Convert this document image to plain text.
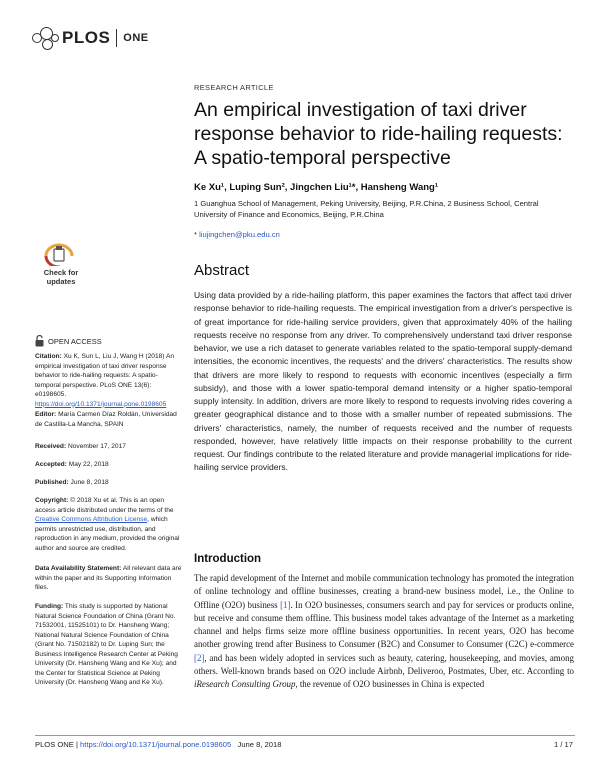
PLOS ONE
RESEARCH ARTICLE
An empirical investigation of taxi driver response behavior to ride-hailing requests: A spatio-temporal perspective
Ke Xu¹, Luping Sun², Jingchen Liu¹*, Hansheng Wang¹
1 Guanghua School of Management, Peking University, Beijing, P.R.China, 2 Business School, Central University of Finance and Economics, Beijing, P.R.China
* liujingchen@pku.edu.cn
Check for updates
OPEN ACCESS
Citation: Xu K, Sun L, Liu J, Wang H (2018) An empirical investigation of taxi driver response behavior to ride-hailing requests: A spatio-temporal perspective. PLoS ONE 13(6): e0198605. https://doi.org/10.1371/journal.pone.0198605
Editor: María Carmen Díaz Roldán, Universidad de Castilla-La Mancha, SPAIN
Received: November 17, 2017
Accepted: May 22, 2018
Published: June 8, 2018
Copyright: © 2018 Xu et al. This is an open access article distributed under the terms of the Creative Commons Attribution License, which permits unrestricted use, distribution, and reproduction in any medium, provided the original author and source are credited.
Data Availability Statement: All relevant data are within the paper and its Supporting Information files.
Funding: This study is supported by National Natural Science Foundation of China (Grant No. 71532001, 11525101) to Dr. Hansheng Wang; National Natural Science Foundation of China (Grant No. 71502182) to Dr. Luping Sun; the Business Intelligence Research Center at Peking University (Dr. Hansheng Wang and Ke Xu); and the Center for Statistical Science at Peking University (Dr. Hansheng Wang and Ke Xu).
Abstract
Using data provided by a ride-hailing platform, this paper examines the factors that affect taxi driver response behavior to ride-hailing requests. The empirical investigation from a driver's perspective is of great importance for ride-hailing service providers, given that approximately 40% of the hailing requests receive no response from any driver. To comprehensively understand taxi driver response behavior, we use a rich dataset to generate variables related to the spatio-temporal supply-demand intensities, the economic incentives, the requests' and the drivers' characteristics. The results show that drivers are more likely to respond to requests with economic incentives (especially a firm subsidy), and those with a lower spatio-temporal demand intensity or a higher spatio-temporal supply intensity. In addition, drivers are more likely to respond to requests involving rides covering a greater geographical distance and to those with a smaller number of repeated submissions. The drivers' characteristics, namely, the number of requests received and the number of requests responded, however, have relatively little impacts on their response probability to the current request. Our findings contribute to the related literature and provide managerial implications for ride-hailing service providers.
Introduction
The rapid development of the Internet and mobile communication technology has promoted the integration of online technology and offline businesses, creating a brand-new business model, i.e., the Online to Offline (O2O) business [1]. In O2O businesses, consumers search and pay for services or products online, but receive and consume them offline. This business model takes advantage of the Internet as a marketing channel and helps firms seize more offline business opportunities. In recent years, O2O has become another growing trend after Business to Consumer (B2C) and Consumer to Consumer (C2C) e-commerce [2], and has been widely adopted in services such as beauty, catering, housekeeping, and movies, among others. Well-known brands based on O2O include Airbnb, Deliveroo, Postmates, Uber, etc. According to iResearch Consulting Group, the revenue of O2O businesses in China is expected
PLOS ONE | https://doi.org/10.1371/journal.pone.0198605 June 8, 2018	1 / 17
